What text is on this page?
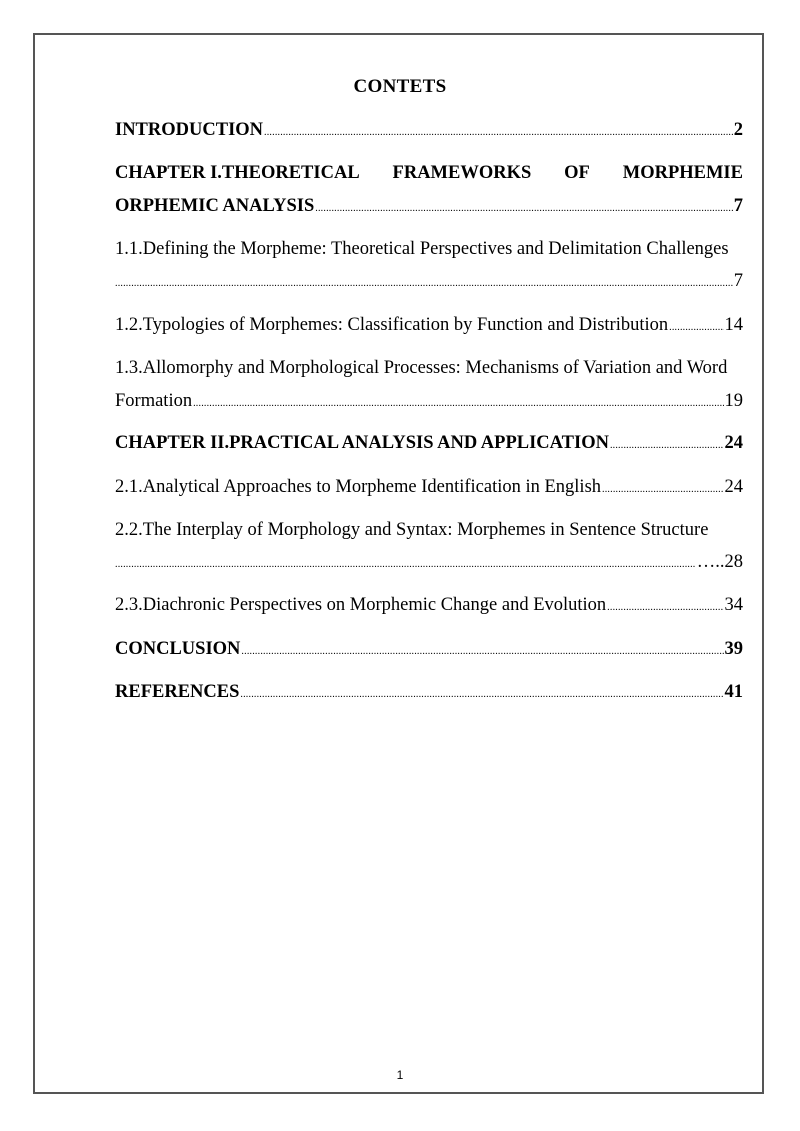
CONTETS
INTRODUCTION .....	2
CHAPTER I.THEORETICAL FRAMEWORKS OF MORPHEMIE
ORPHEMIC ANALYSIS .....	7
1.1.Defining the Morpheme: Theoretical Perspectives and Delimitation Challenges
.....
7
1.2.Typologies of Morphemes: Classification by Function and Distribution .....	14
1.3.Allomorphy and Morphological Processes: Mechanisms of Variation and Word
Formation .....	19
CHAPTER II.PRACTICAL ANALYSIS AND APPLICATION .....	24
2.1.Analytical Approaches to Morpheme Identification in English .....	24
2.2.The Interplay of Morphology and Syntax: Morphemes in Sentence Structure
.....
…..28
2.3.Diachronic Perspectives on Morphemic Change and Evolution .....	34
CONCLUSION .....	39
REFERENCES .....	41
1
